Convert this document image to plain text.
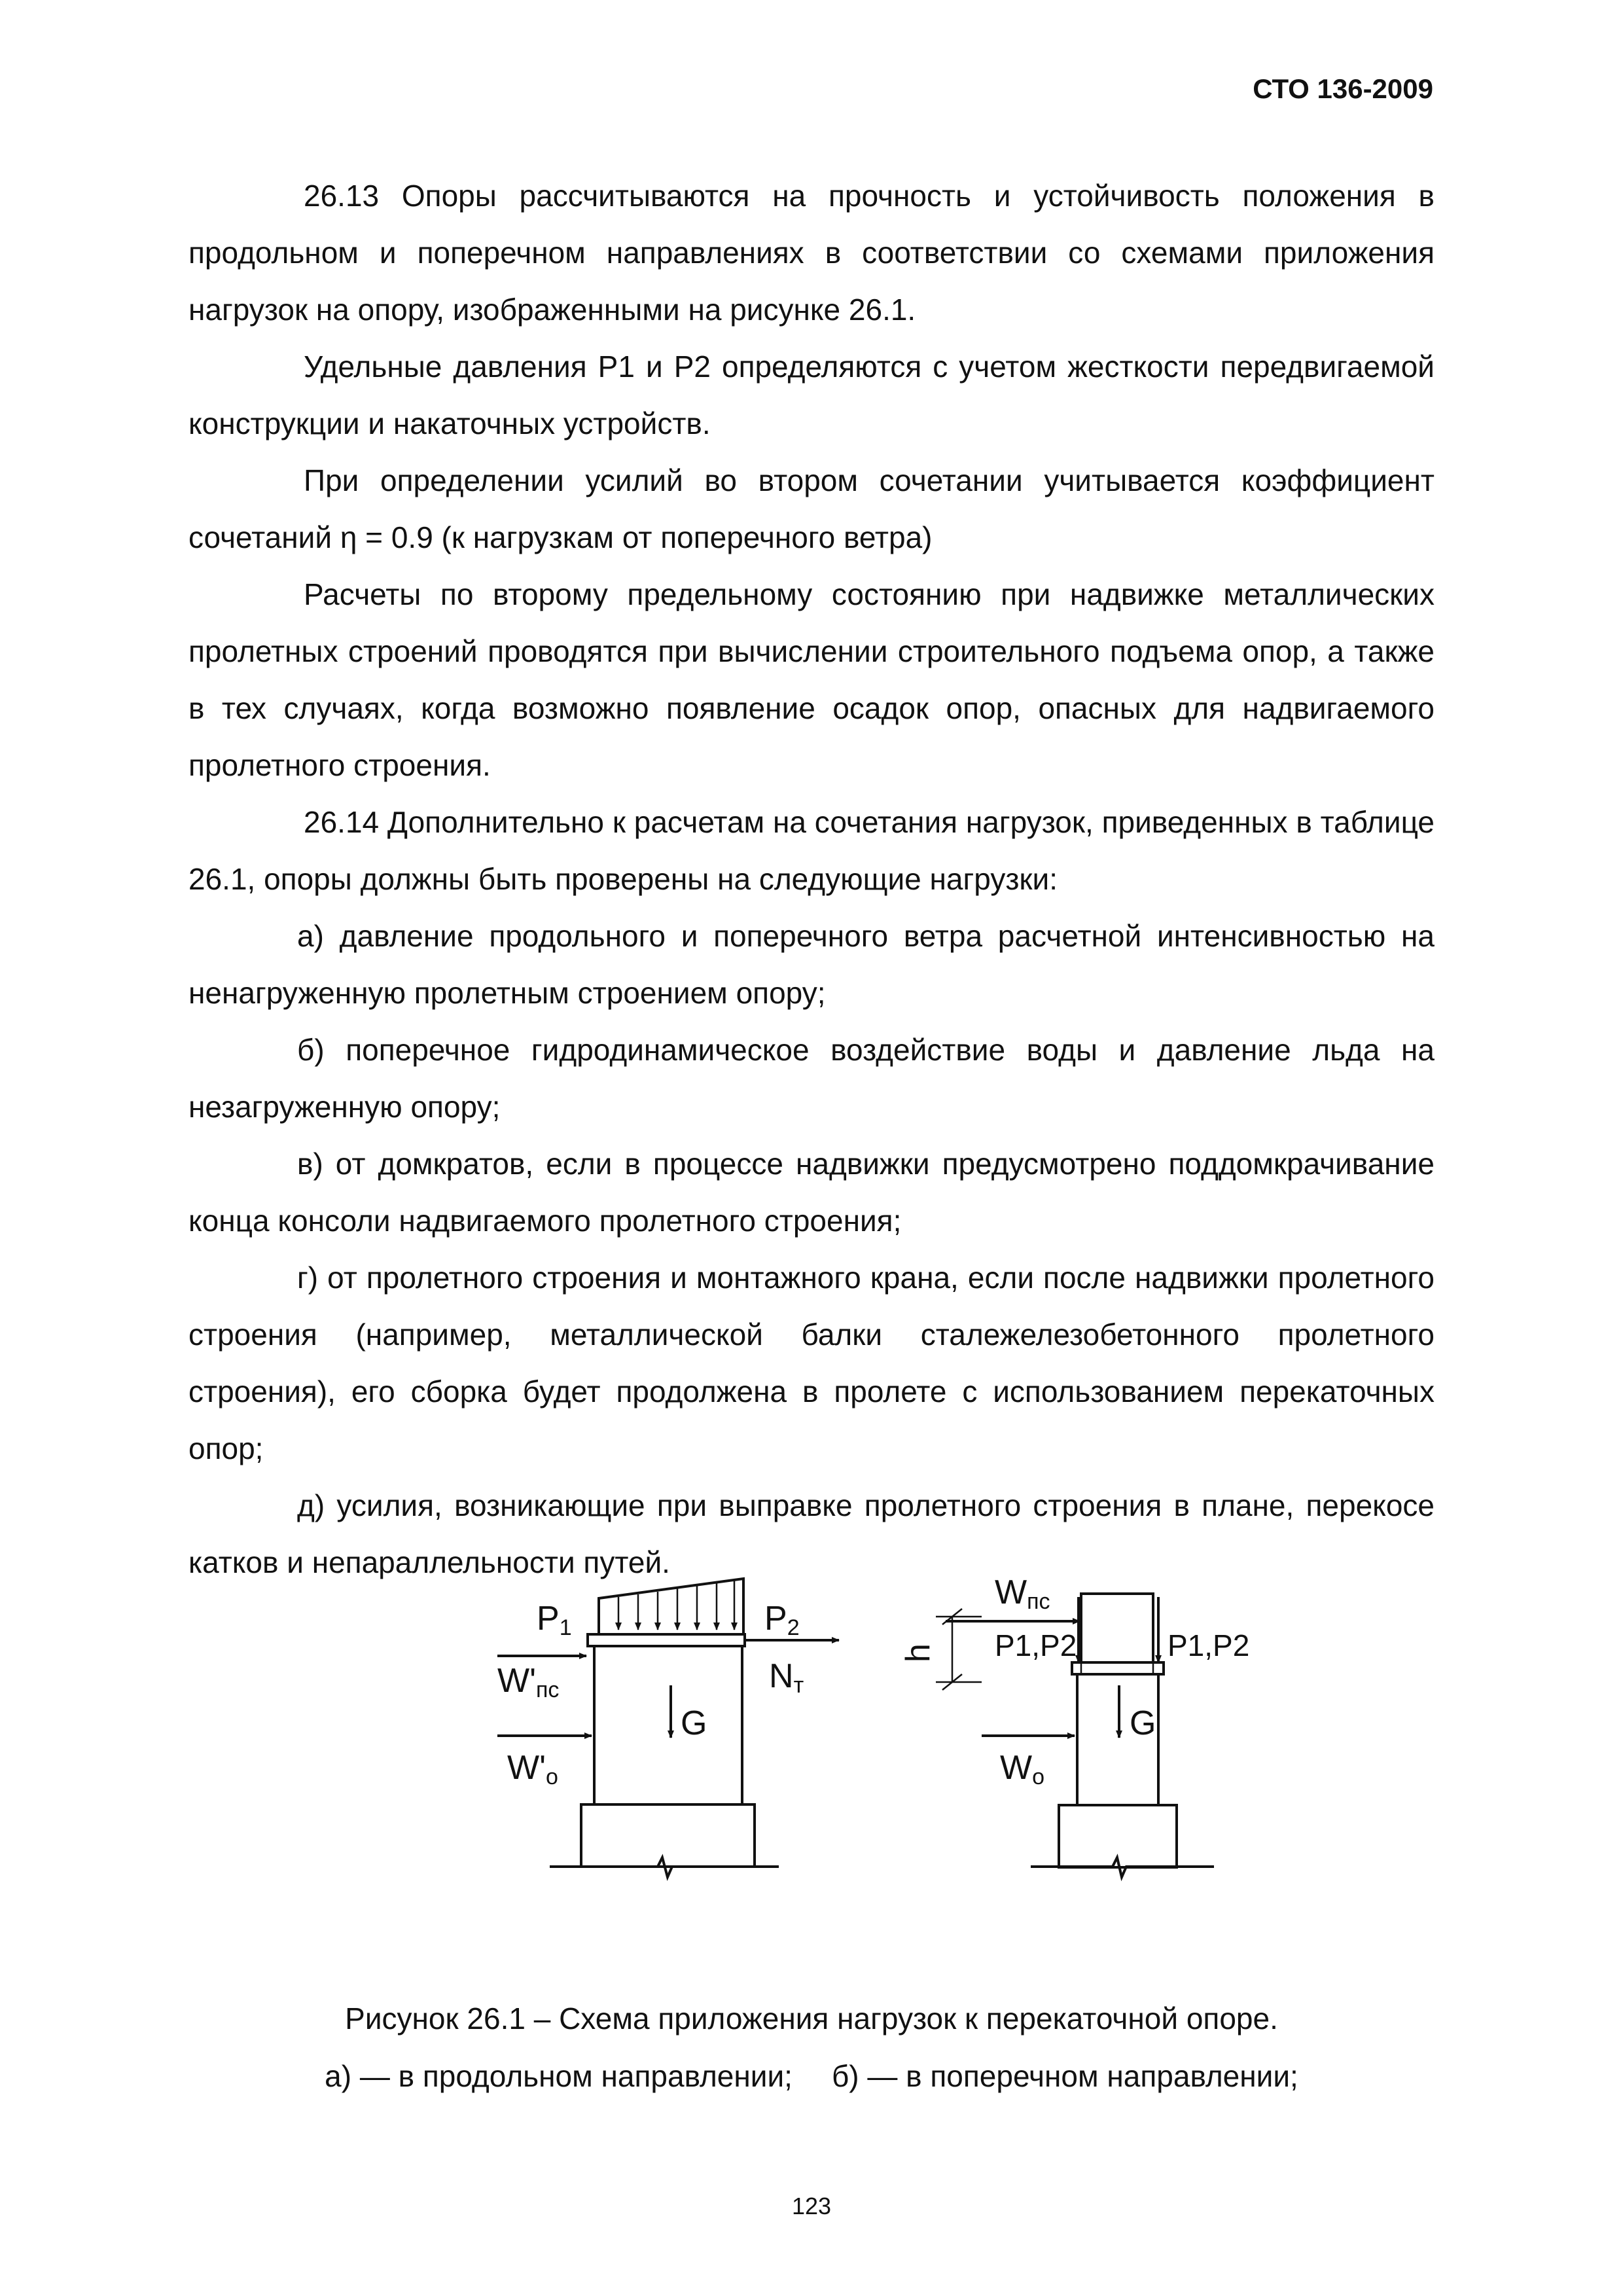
СТО 136-2009

26.13 Опоры рассчитываются на прочность и устойчивость положения в продольном и поперечном направлениях в соответствии со схемами приложения нагрузок на опору, изображенными на рисунке 26.1.

Удельные давления Р1 и Р2 определяются с учетом жесткости передвигаемой конструкции и накаточных устройств.

При определении усилий во втором сочетании учитывается коэффициент сочетаний η = 0.9 (к нагрузкам от поперечного ветра)

Расчеты по второму предельному состоянию при надвижке металлических пролетных строений проводятся при вычислении строительного подъема опор, а также в тех случаях, когда возможно появление осадок опор, опасных для надвигаемого пролетного строения.

26.14 Дополнительно к расчетам на сочетания нагрузок, приведенных в таблице 26.1, опоры должны быть проверены на следующие нагрузки:

а) давление продольного и поперечного ветра расчетной интенсивностью на ненагруженную пролетным строением опору;

б) поперечное гидродинамическое воздействие воды и давление льда на незагруженную опору;

в) от домкратов, если в процессе надвижки предусмотрено поддомкрачивание конца консоли надвигаемого пролетного строения;

г) от пролетного строения и монтажного крана, если после надвижки пролетного строения (например, металлической балки сталежелезобетонного пролетного строения), его сборка будет продолжена в пролете с использованием перекаточных опор;

д) усилия, возникающие при выправке пролетного строения в плане, перекосе катков и непараллельности путей.

P1	P2
W'пс	Nт
G
W'о
Wпс
h P1,P2	P1,P2
G
Wо
Рисунок 26.1 – Схема приложения нагрузок к перекаточной опоре.
а) — в продольном направлении; б) — в поперечном направлении;
123
